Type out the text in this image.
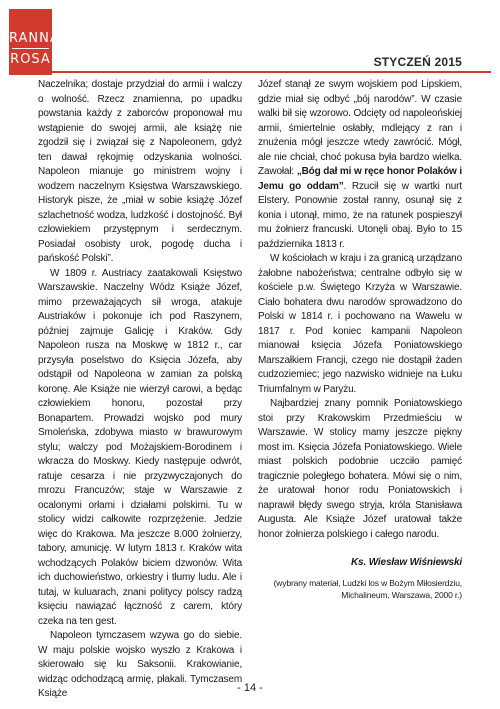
RANNA
ROSA	STYCZEŃ 2015

Naczelnika; dostaje przydział do armii i walczy o wolność. Rzecz znamienna, po upadku powstania każdy z zaborców proponował mu wstąpienie do swojej armii, ale książę nie zgodził się i związał się z Napoleonem, gdyż ten dawał rękojmię odzyskania wolności. Napoleon mianuje go ministrem wojny i wodzem naczelnym Księstwa Warszawskiego. Historyk pisze, że „miał w sobie książę Józef szlachetność wodza, ludzkość i dostojność. Był człowiekiem przystępnym i serdecznym. Posiadał osobisty urok, pogodę ducha i pańskość Polski”.

W 1809 r. Austriacy zaatakowali Księstwo Warszawskie. Naczelny Wódz Książe Józef, mimo przeważających sił wroga, atakuje Austriaków i pokonuje ich pod Raszynem, później zajmuje Galicję i Kraków. Gdy Napoleon rusza na Moskwę w 1812 r., car przysyła poselstwo do Księcia Józefa, aby odstąpił od Napoleona w zamian za polską koronę. Ale Książe nie wierzył carowi, a będąc człowiekiem honoru, pozostał przy Bonapartem. Prowadzi wojsko pod mury Smoleńska, zdobywa miasto w brawurowym stylu; walczy pod Możajskiem-Borodinem i wkracza do Moskwy. Kiedy następuje odwrót, ratuje cesarza i nie przyzwyczajonych do mrozu Francuzów; staje w Warszawie z ocalonymi orłami i działami polskimi. Tu w stolicy widzi całkowite rozprzężenie. Jedzie więc do Krakowa. Ma jeszcze 8.000 żołnierzy, tabory, amunicję. W lutym 1813 r. Kraków wita wchodzących Polaków biciem dzwonów. Wita ich duchowieństwo, orkiestry i tłumy ludu. Ale i tutaj, w kuluarach, znani politycy polscy radzą księciu nawiązać łączność z carem, który czeka na ten gest.

Napoleon tymczasem wzywa go do siebie. W maju polskie wojsko wyszło z Krakowa i skierowało się ku Saksonii. Krakowianie, widząc odchodzącą armię, płakali. Tymczasem Książe

Józef stanął ze swym wojskiem pod Lipskiem, gdzie miał się odbyć „bój narodów”. W czasie walki bił się wzorowo. Odcięty od napoleońskiej armii, śmiertelnie osłabły, mdlejący z ran i znużenia mógł jeszcze wtedy zawrócić. Mógł, ale nie chciał, choć pokusa była bardzo wielka. Zawołał: „Bóg dał mi w ręce honor Polaków i Jemu go oddam”. Rzucił się w wartki nurt Elstery. Ponownie został ranny, osunął się z konia i utonął, mimo, że na ratunek pospieszył mu żołnierz francuski. Utonęli obaj. Było to 15 października 1813 r.

W kościołach w kraju i za granicą urządzano żałobne nabożeństwa; centralne odbyło się w kościele p.w. Świętego Krzyża w Warszawie. Ciało bohatera dwu narodów sprowadzono do Polski w 1814 r. i pochowano na Wawelu w 1817 r. Pod koniec kampanii Napoleon mianował księcia Józefa Poniatowskiego Marszałkiem Francji, czego nie dostąpił żaden cudzoziemiec; jego nazwisko widnieje na Łuku Triumfalnym w Paryżu.

Najbardziej znany pomnik Poniatowskiego stoi przy Krakowskim Przedmieściu w Warszawie. W stolicy mamy jeszcze piękny most im. Księcia Józefa Poniatowskiego. Wiele miast polskich podobnie uczciło pamięć tragicznie poległego bohatera. Mówi się o nim, że uratował honor rodu Poniatowskich i naprawił błędy swego stryja, króla Stanisława Augusta. Ale Książe Józef uratował także honor żołnierza polskiego i całego narodu.

Ks. Wiesław Wiśniewski
(wybrany materiał, Ludzki los w Bożym Miłosierdziu,
Michalineum, Warszawa, 2000 r.)
- 14 -
